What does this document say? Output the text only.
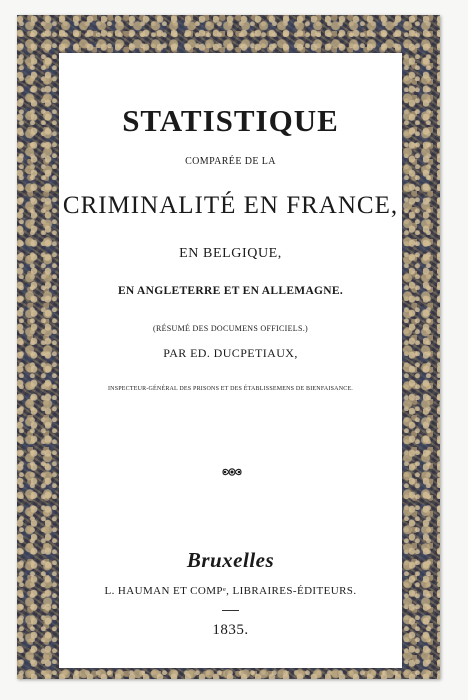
STATISTIQUE
COMPARÉE DE LA
CRIMINALITÉ EN FRANCE,
EN BELGIQUE,
EN ANGLETERRE ET EN ALLEMAGNE.
(RÉSUMÉ DES DOCUMENS OFFICIELS.)
PAR ED. DUCPETIAUX,
INSPECTEUR-GÉNÉRAL DES PRISONS ET DES ÉTABLISSEMENS DE BIENFAISANCE.
Bruxelles
L. HAUMAN ET COMPᵉ, LIBRAIRES-ÉDITEURS.
1835.
